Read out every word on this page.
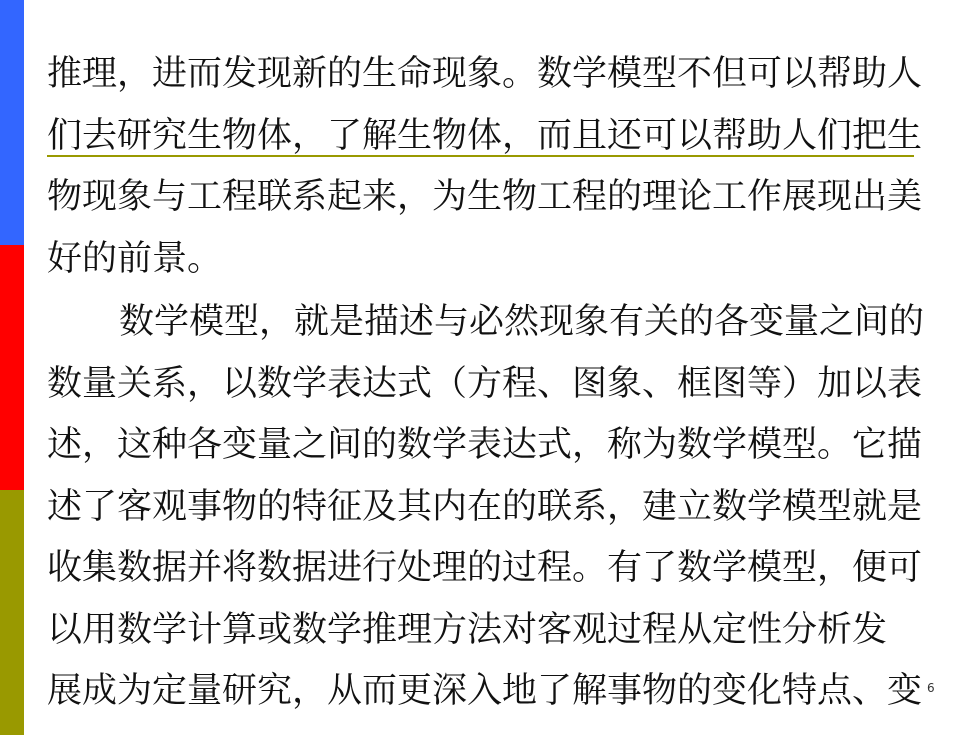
推理，进而发现新的生命现象。数学模型不但可以帮助人
们去研究生物体，了解生物体，而且还可以帮助人们把生
物现象与工程联系起来，为生物工程的理论工作展现出美
好的前景。
数学模型，就是描述与必然现象有关的各变量之间的
数量关系，以数学表达式（方程、图象、框图等）加以表
述，这种各变量之间的数学表达式，称为数学模型。它描
述了客观事物的特征及其内在的联系，建立数学模型就是
收集数据并将数据进行处理的过程。有了数学模型，便可
以用数学计算或数学推理方法对客观过程从定性分析发
展成为定量研究，从而更深入地了解事物的变化特点、变 6
